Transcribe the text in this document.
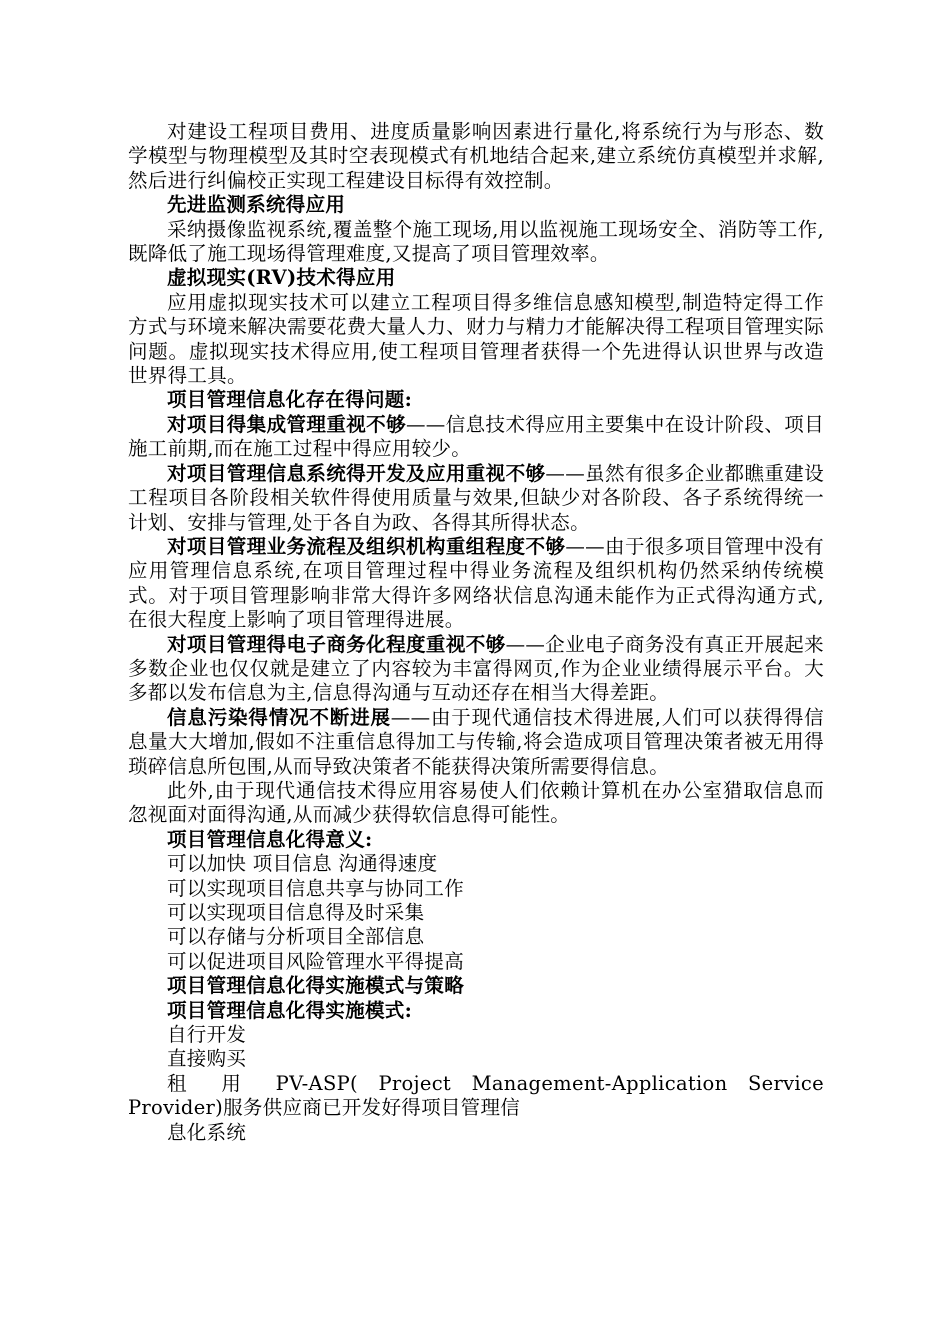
对建设工程项目费用、进度质量影响因素进行量化,将系统行为与形态、数学模型与物理模型及其时空表现模式有机地结合起来,建立系统仿真模型并求解,然后进行纠偏校正实现工程建设目标得有效控制。

先进监测系统得应用

采纳摄像监视系统,覆盖整个施工现场,用以监视施工现场安全、消防等工作,既降低了施工现场得管理难度,又提高了项目管理效率。

虚拟现实(RV)技术得应用

应用虚拟现实技术可以建立工程项目得多维信息感知模型,制造特定得工作方式与环境来解决需要花费大量人力、财力与精力才能解决得工程项目管理实际问题。虚拟现实技术得应用,使工程项目管理者获得一个先进得认识世界与改造世界得工具。

项目管理信息化存在得问题:

对项目得集成管理重视不够——信息技术得应用主要集中在设计阶段、项目施工前期,而在施工过程中得应用较少。

对项目管理信息系统得开发及应用重视不够——虽然有很多企业都瞧重建设工程项目各阶段相关软件得使用质量与效果,但缺少对各阶段、各子系统得统一计划、安排与管理,处于各自为政、各得其所得状态。

对项目管理业务流程及组织机构重组程度不够——由于很多项目管理中没有应用管理信息系统,在项目管理过程中得业务流程及组织机构仍然采纳传统模式。对于项目管理影响非常大得许多网络状信息沟通未能作为正式得沟通方式,在很大程度上影响了项目管理得进展。

对项目管理得电子商务化程度重视不够——企业电子商务没有真正开展起来多数企业也仅仅就是建立了内容较为丰富得网页,作为企业业绩得展示平台。大多都以发布信息为主,信息得沟通与互动还存在相当大得差距。

信息污染得情况不断进展——由于现代通信技术得进展,人们可以获得得信息量大大增加,假如不注重信息得加工与传输,将会造成项目管理决策者被无用得琐碎信息所包围,从而导致决策者不能获得决策所需要得信息。

此外,由于现代通信技术得应用容易使人们依赖计算机在办公室猎取信息而忽视面对面得沟通,从而减少获得软信息得可能性。

项目管理信息化得意义:

可以加快 项目信息 沟通得速度

可以实现项目信息共享与协同工作

可以实现项目信息得及时采集

可以存储与分析项目全部信息

可以促进项目风险管理水平得提高

项目管理信息化得实施模式与策略

项目管理信息化得实施模式:

自行开发

直接购买

租 用 PV-ASP( Project Management-Application Service

Provider)服务供应商已开发好得项目管理信

息化系统
